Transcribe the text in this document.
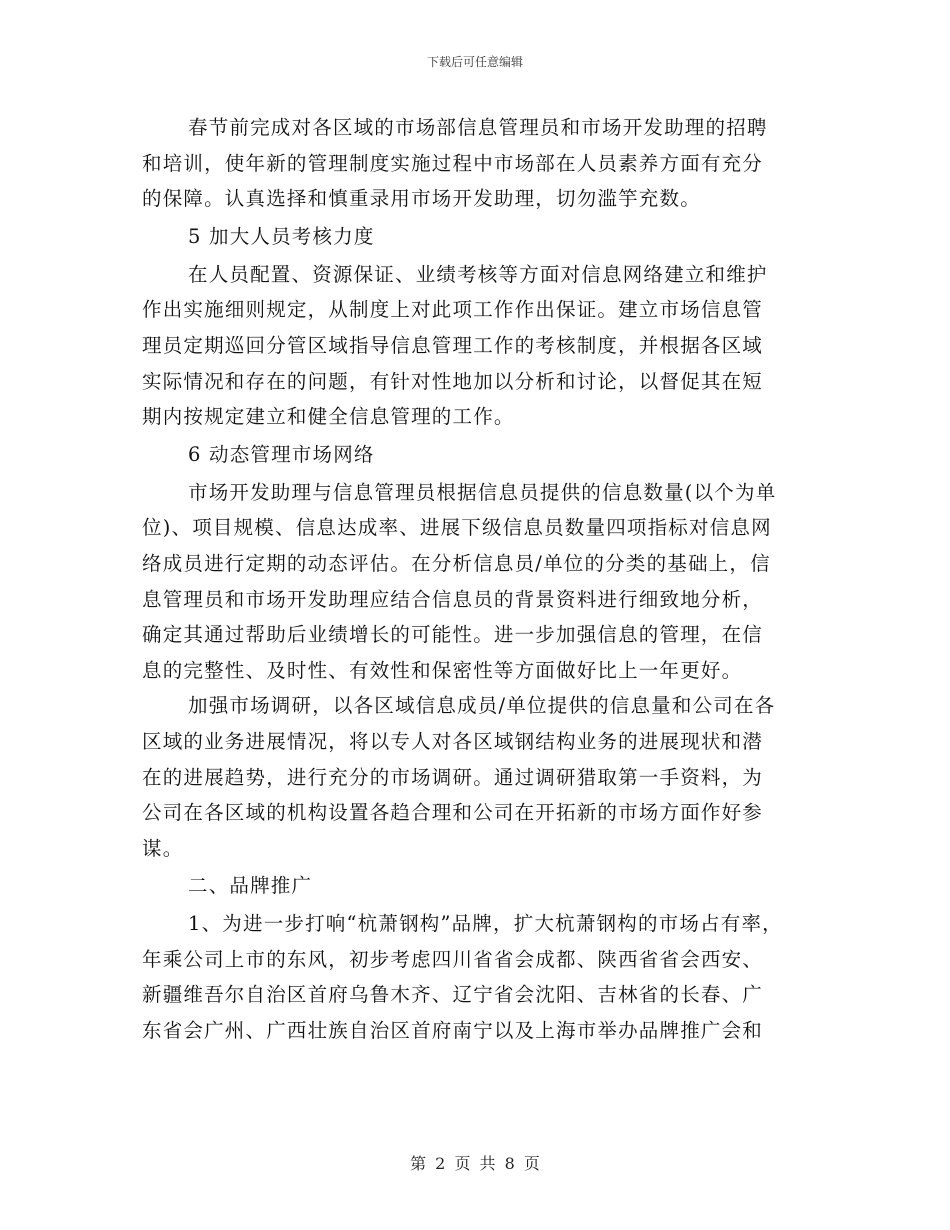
下载后可任意编辑
春节前完成对各区域的市场部信息管理员和市场开发助理的招聘
和培训，使年新的管理制度实施过程中市场部在人员素养方面有充分
的保障。认真选择和慎重录用市场开发助理，切勿滥竽充数。
5 加大人员考核力度
在人员配置、资源保证、业绩考核等方面对信息网络建立和维护
作出实施细则规定，从制度上对此项工作作出保证。建立市场信息管
理员定期巡回分管区域指导信息管理工作的考核制度，并根据各区域
实际情况和存在的问题，有针对性地加以分析和讨论，以督促其在短
期内按规定建立和健全信息管理的工作。
6 动态管理市场网络
市场开发助理与信息管理员根据信息员提供的信息数量(以个为单
位)、项目规模、信息达成率、进展下级信息员数量四项指标对信息网
络成员进行定期的动态评估。在分析信息员/单位的分类的基础上，信
息管理员和市场开发助理应结合信息员的背景资料进行细致地分析，
确定其通过帮助后业绩增长的可能性。进一步加强信息的管理，在信
息的完整性、及时性、有效性和保密性等方面做好比上一年更好。
加强市场调研，以各区域信息成员/单位提供的信息量和公司在各
区域的业务进展情况，将以专人对各区域钢结构业务的进展现状和潜
在的进展趋势，进行充分的市场调研。通过调研猎取第一手资料，为
公司在各区域的机构设置各趋合理和公司在开拓新的市场方面作好参
谋。
二、品牌推广
1、为进一步打响“杭萧钢构”品牌，扩大杭萧钢构的市场占有率，
年乘公司上市的东风，初步考虑四川省省会成都、陕西省省会西安、
新疆维吾尔自治区首府乌鲁木齐、辽宁省会沈阳、吉林省的长春、广
东省会广州、广西壮族自治区首府南宁以及上海市举办品牌推广会和
第 2 页 共 8 页
